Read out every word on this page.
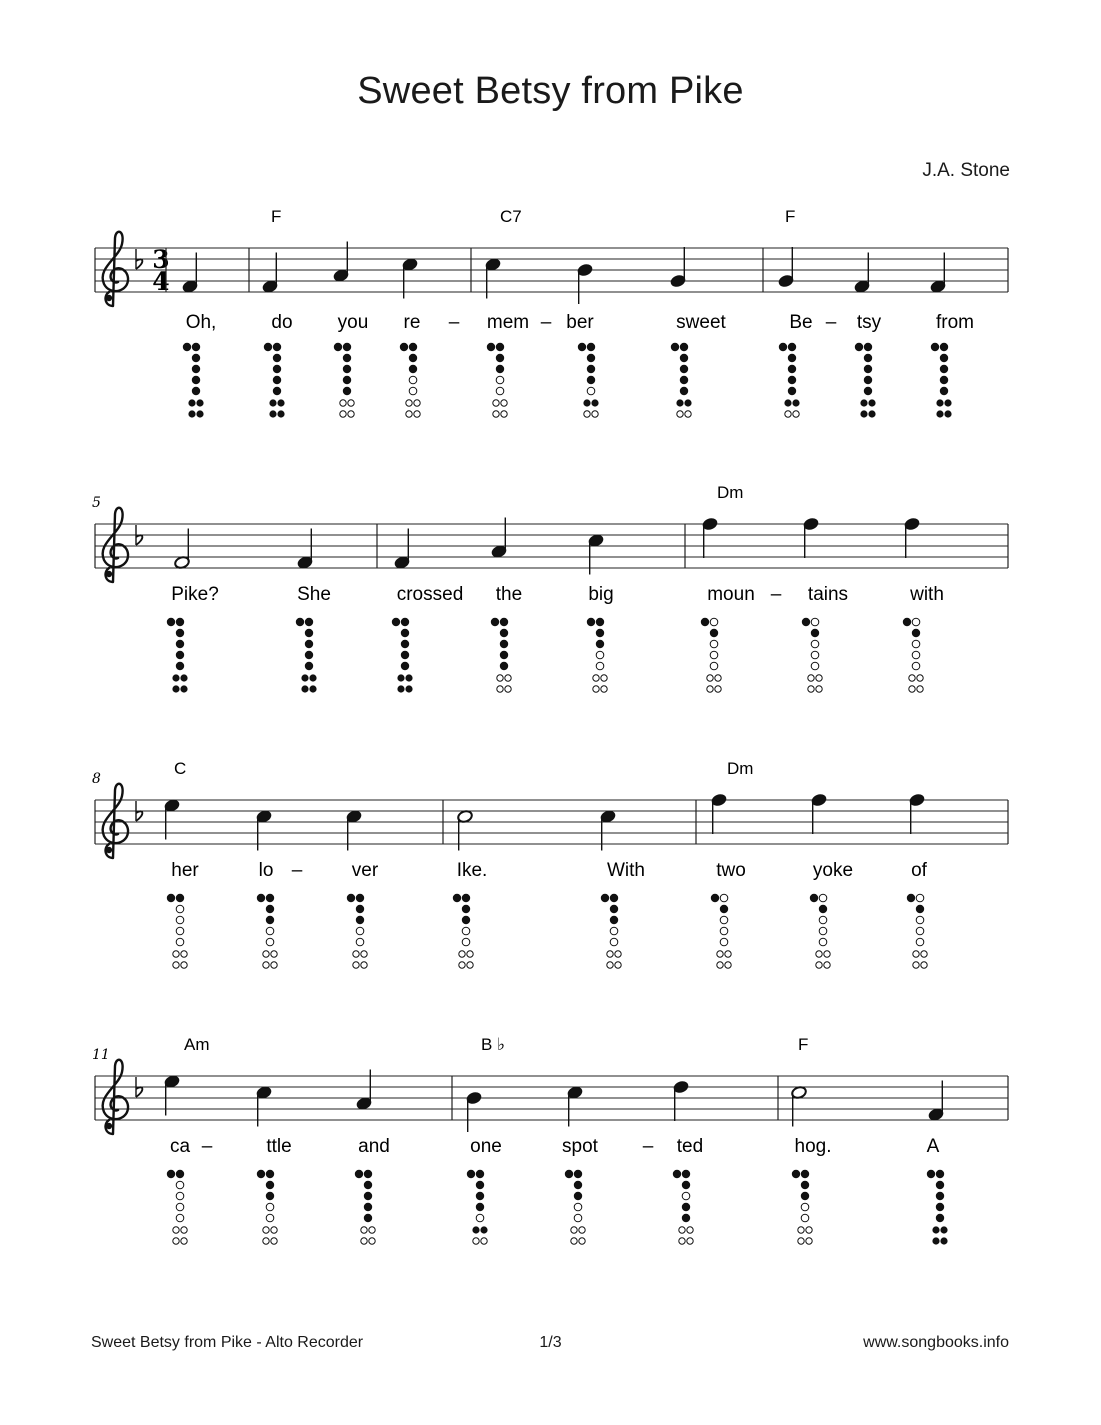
Sweet Betsy from Pike
J.A. Stone
3
4
F	C7	F
Oh,	do you re – mem – ber	sweet	Be – tsy	from
5
Dm
Pike?	She	crossed the	big	moun – tains	with
8
C	Dm
her	lo –	ver	Ike.	With	two	yoke	of
11
Am	B ♭	F
ca –	ttle	and	one	spot – ted	hog.	A
Sweet Betsy from Pike - Alto Recorder	1/3	www.songbooks.info
